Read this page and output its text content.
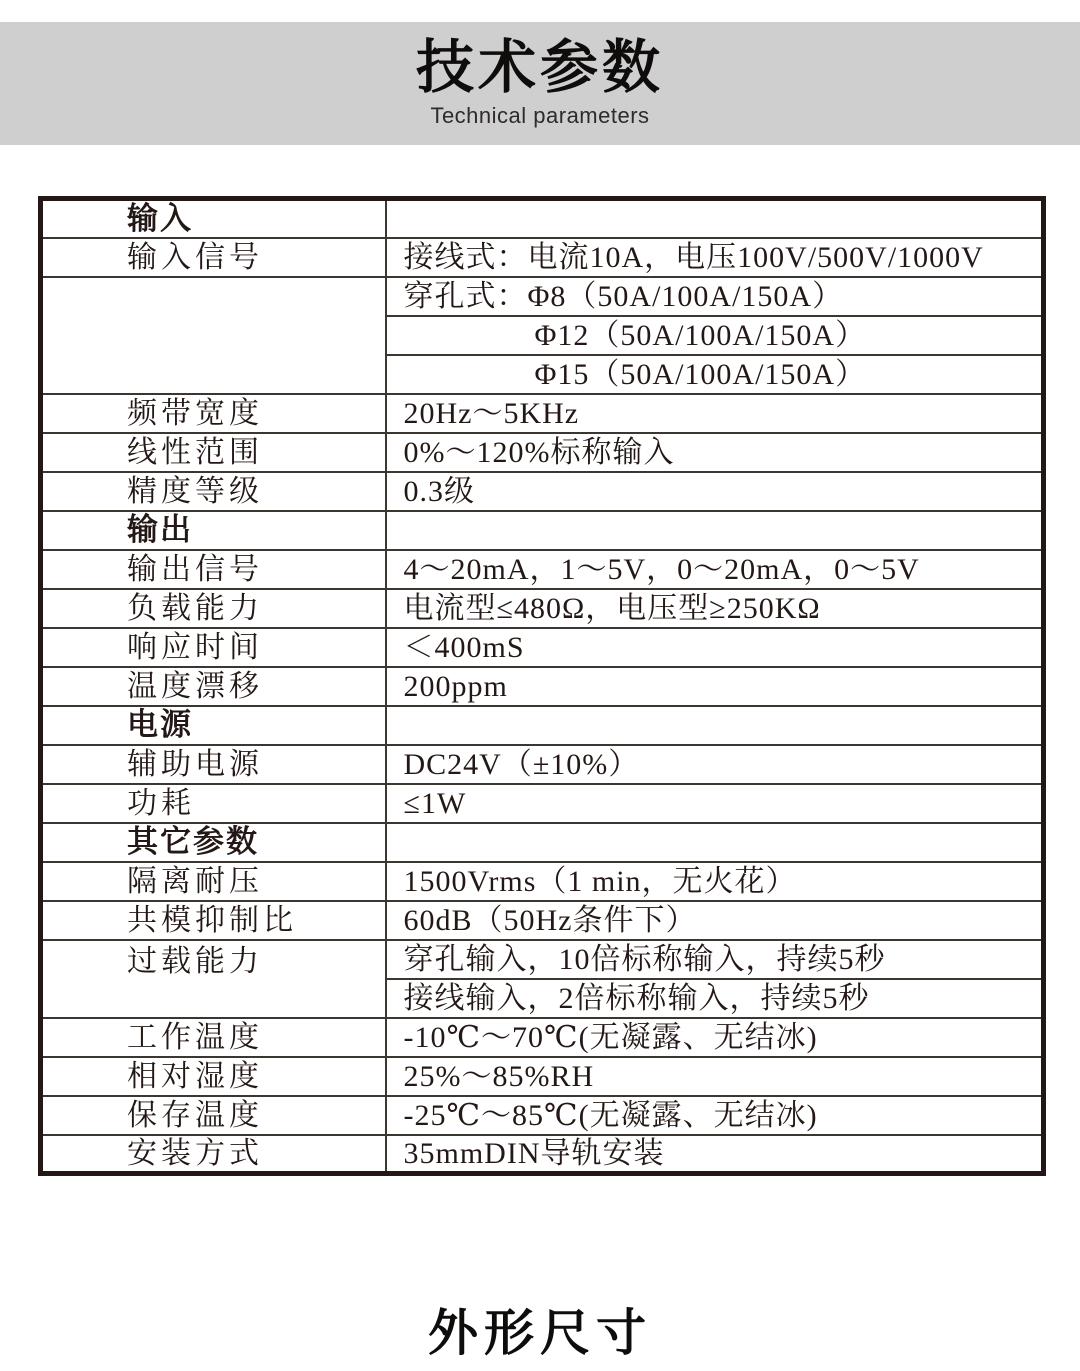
技术参数
Technical parameters
输入	
输入信号	接线式：电流10A，电压100V/500V/1000V
	穿孔式：Φ8（50A/100A/150A）
	Φ12（50A/100A/150A）
	Φ15（50A/100A/150A）
频带宽度	20Hz～5KHz
线性范围	0%～120%标称输入
精度等级	0.3级
输出	
输出信号	4～20mA，1～5V，0～20mA，0～5V
负载能力	电流型≤480Ω，电压型≥250KΩ
响应时间	＜400mS
温度漂移	200ppm
电源	
辅助电源	DC24V（±10%）
功耗	≤1W
其它参数	
隔离耐压	1500Vrms（1 min，无火花）
共模抑制比	60dB（50Hz条件下）
过载能力	穿孔输入，10倍标称输入，持续5秒
	接线输入，2倍标称输入，持续5秒
工作温度	-10℃～70℃(无凝露、无结冰)
相对湿度	25%～85%RH
保存温度	-25℃～85℃(无凝露、无结冰)
安装方式	35mmDIN导轨安装
外形尺寸
